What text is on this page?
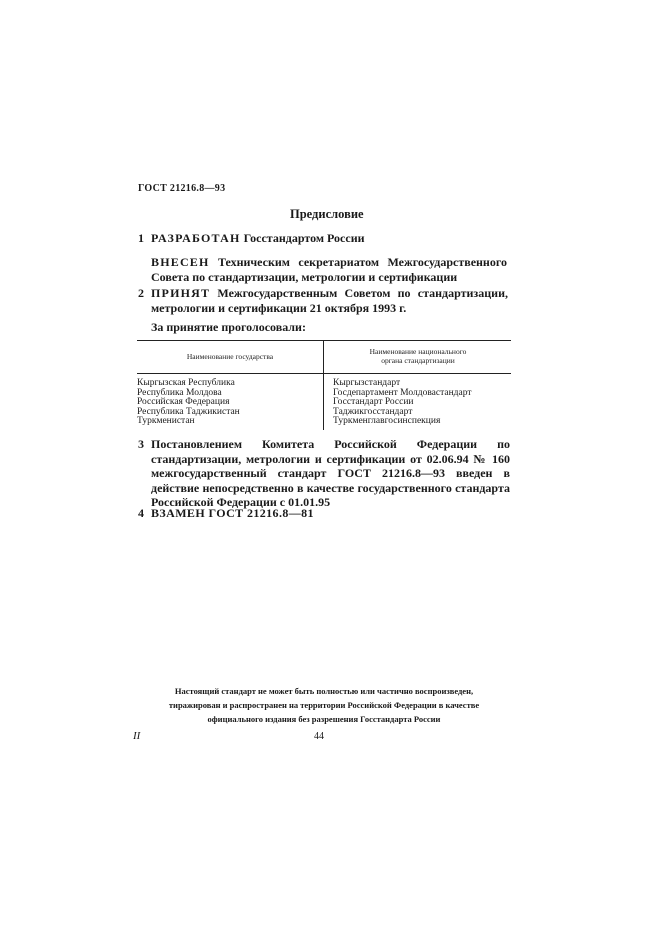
ГОСТ 21216.8—93
Предисловие
1 РАЗРАБОТАН Госстандартом России
ВНЕСЕН Техническим секретариатом Межгосударственного Совета по стандартизации, метрологии и сертификации
2 ПРИНЯТ Межгосударственным Советом по стандартизации, метрологии и сертификации 21 октября 1993 г.
За принятие проголосовали:
Наименование государства
Наименование национального
органа стандартизации
Кыргызская Республика
Республика Молдова
Российская Федерация
Республика Таджикистан
Туркменистан
Кыргызстандарт
Госдепартамент Молдовастандарт
Госстандарт России
Таджикгосстандарт
Туркменглавгосинспекция
3 Постановлением Комитета Российской Федерации по стандартизации, метрологии и сертификации от 02.06.94 № 160 межгосударственный стандарт ГОСТ 21216.8—93 введен в действие непосредственно в качестве государственного стандарта Российской Федерации с 01.01.95
4 ВЗАМЕН ГОСТ 21216.8—81
Настоящий стандарт не может быть полностью или частично воспроизведен,
тиражирован и распространен на территории Российской Федерации в качестве
официального издания без разрешения Госстандарта России
II	44
